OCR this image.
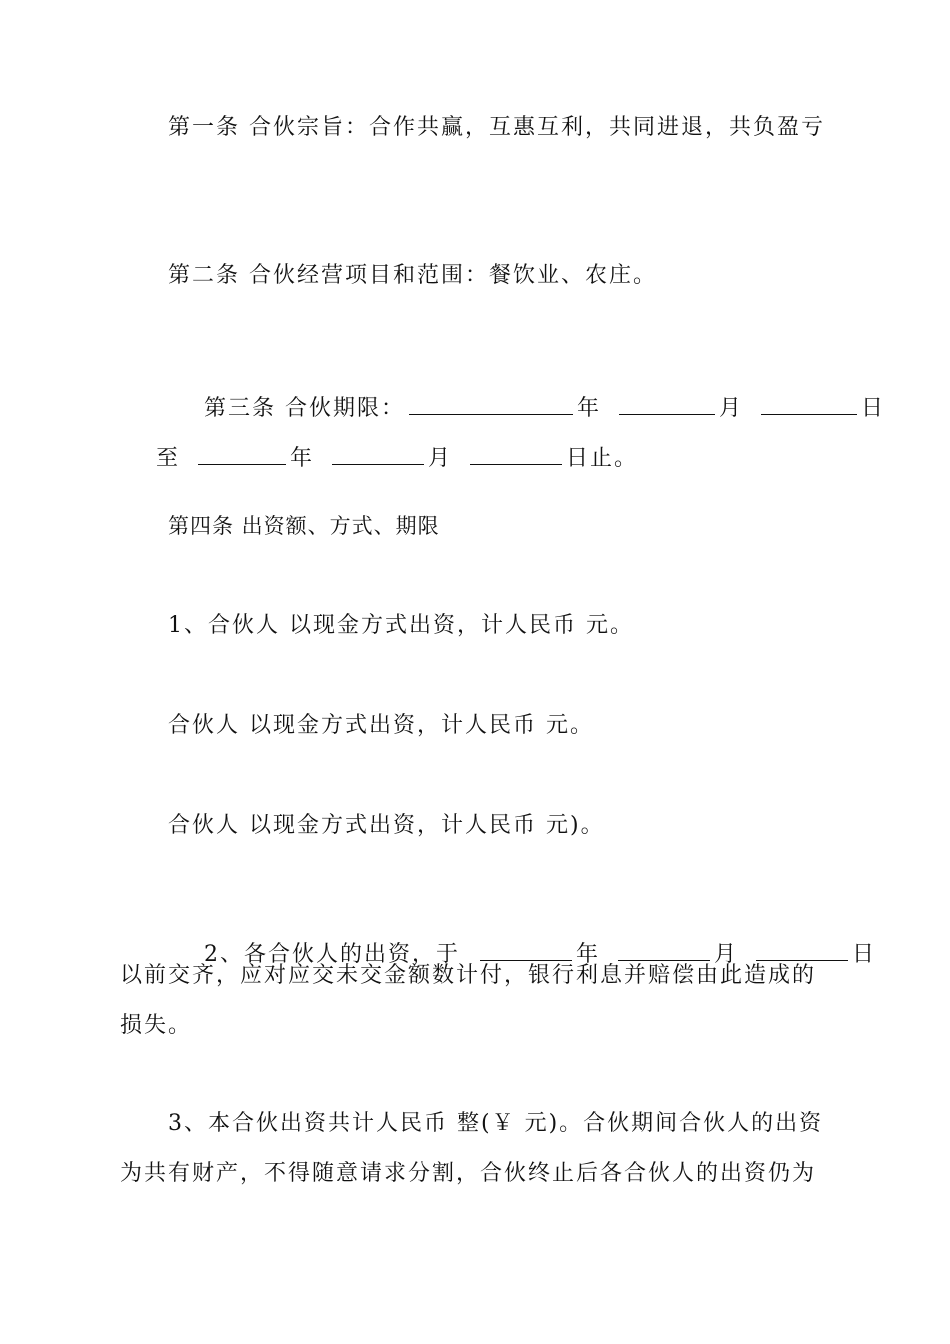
第一条 合伙宗旨：合作共赢，互惠互利，共同进退，共负盈亏
第二条 合伙经营项目和范围：餐饮业、农庄。

第三条 合伙期限：	年	月	日

至	年	月	日止。

第四条 出资额、方式、期限
1、合伙人 以现金方式出资，计人民币 元。
合伙人 以现金方式出资，计人民币 元。
合伙人 以现金方式出资，计人民币 元)。

2、各合伙人的出资，于	年	月	日

以前交齐，应对应交未交金额数计付，银行利息并赔偿由此造成的
损失。
3、本合伙出资共计人民币 整(￥ 元)。合伙期间合伙人的出资
为共有财产，不得随意请求分割，合伙终止后各合伙人的出资仍为
